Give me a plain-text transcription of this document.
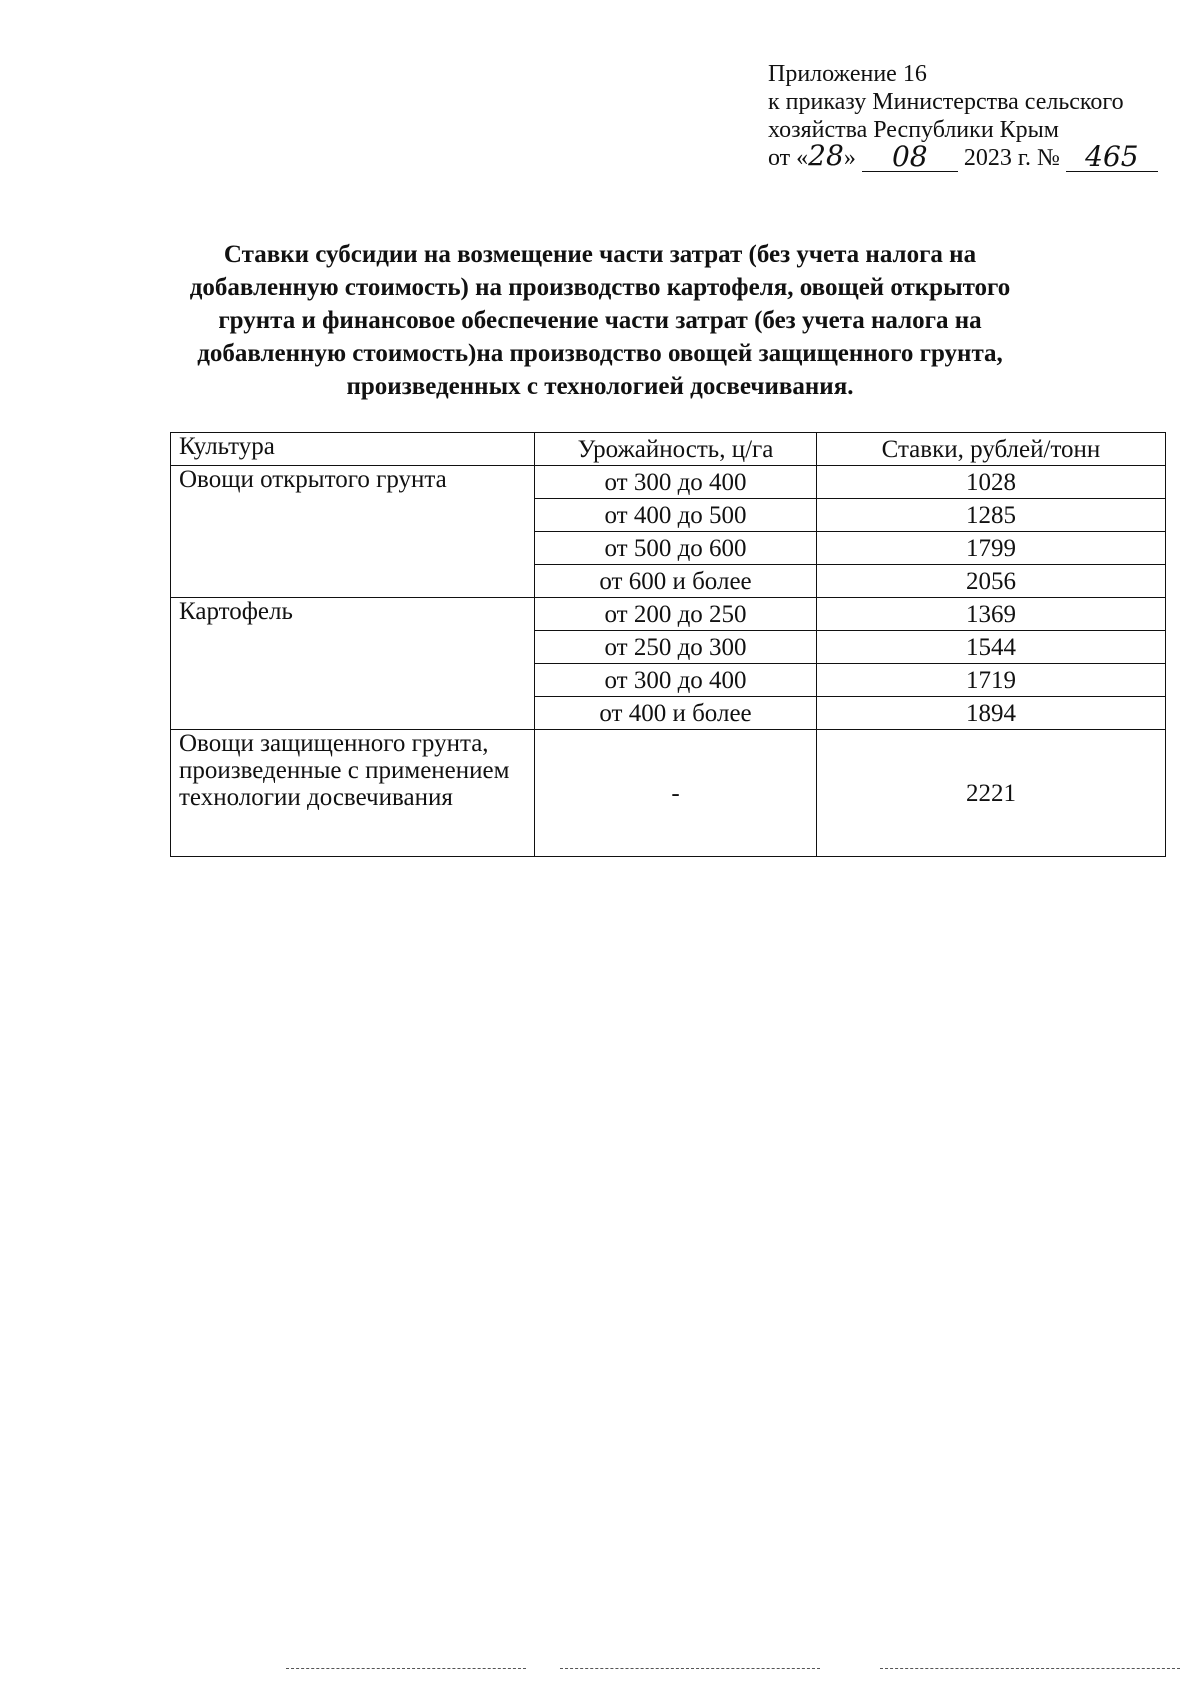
Приложение 16
к приказу Министерства сельского
хозяйства Республики Крым
от «28» 08 2023 г. № 465
Ставки субсидии на возмещение части затрат (без учета налога на добавленную стоимость) на производство картофеля, овощей открытого грунта и финансовое обеспечение части затрат (без учета налога на добавленную стоимость)на производство овощей защищенного грунта, произведенных с технологией досвечивания.
Культура	Урожайность, ц/га	Ставки, рублей/тонн
Овощи открытого грунта	от 300 до 400	1028
	от 400 до 500	1285
	от 500 до 600	1799
	от 600 и более	2056
Картофель	от 200 до 250	1369
	от 250 до 300	1544
	от 300 до 400	1719
	от 400 и более	1894
Овощи защищенного грунта, произведенные с применением технологии досвечивания	-	2221
